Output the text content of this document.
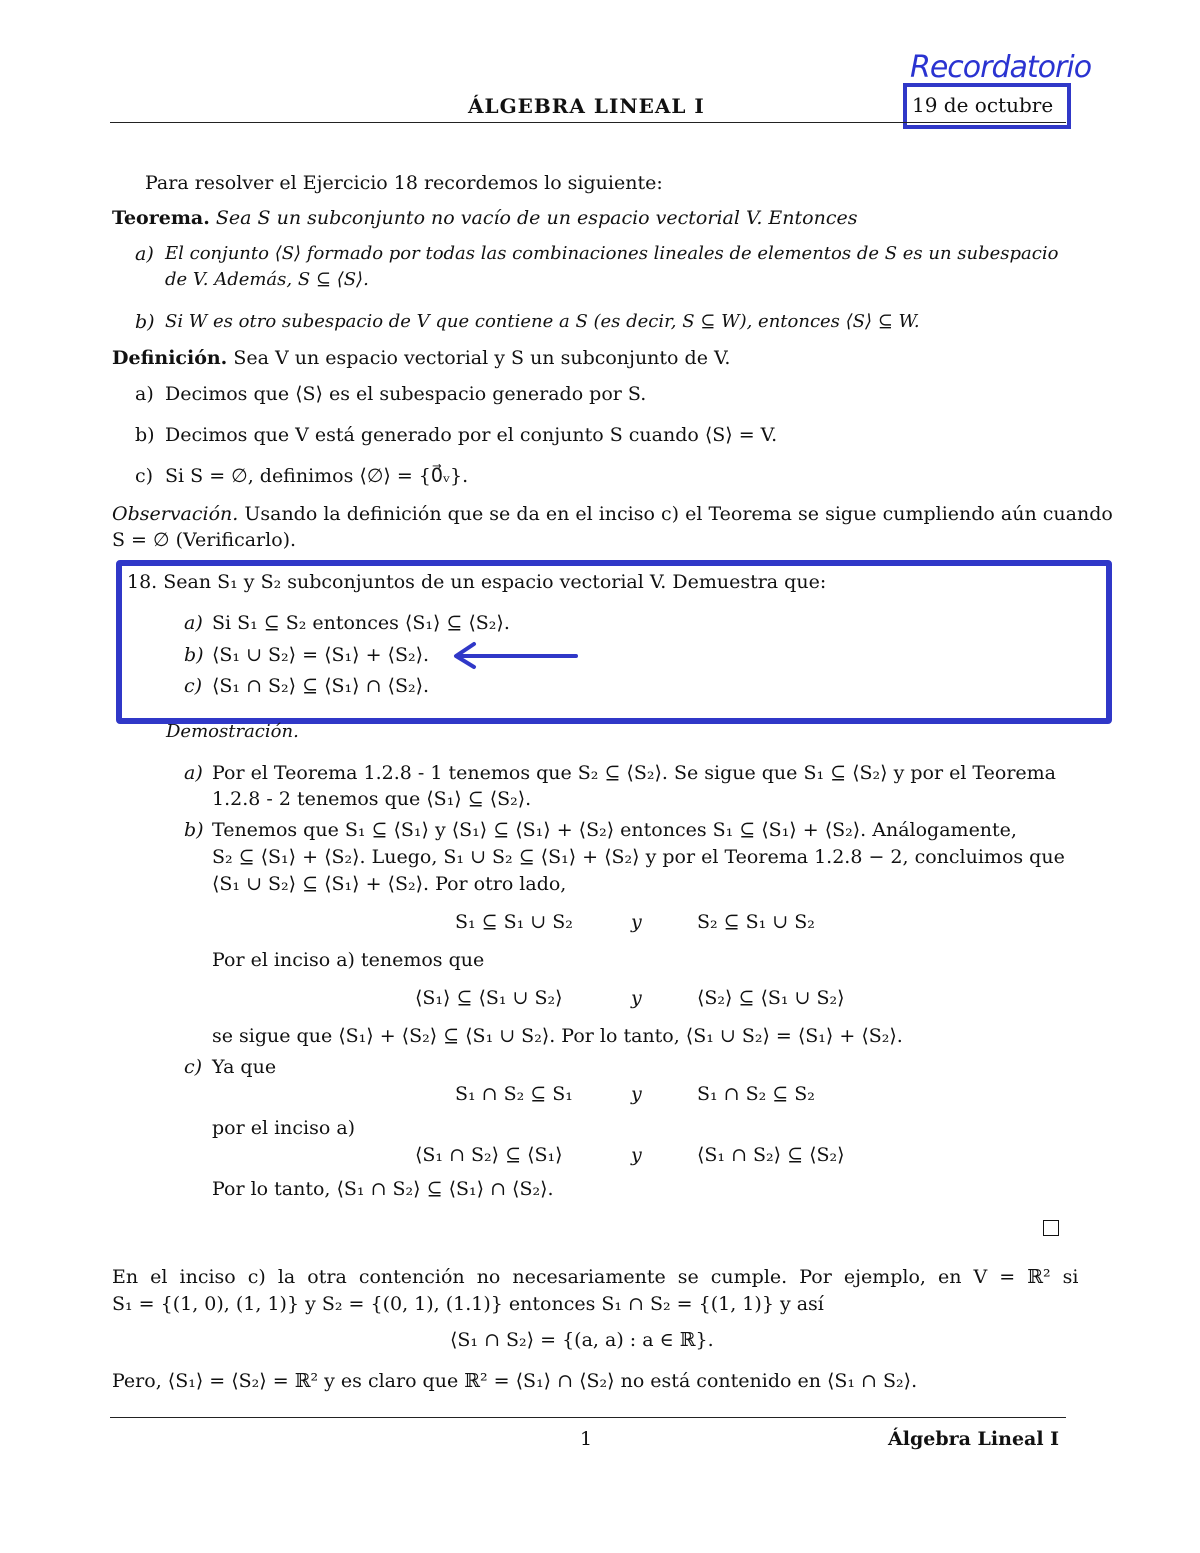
Recordatorio
ÁLGEBRA LINEAL I	19 de octubre
Para resolver el Ejercicio 18 recordemos lo siguiente:
Teorema. Sea S un subconjunto no vacío de un espacio vectorial V. Entonces
a) El conjunto ⟨S⟩ formado por todas las combinaciones lineales de elementos de S es un subespacio
de V. Además, S ⊆ ⟨S⟩.
b) Si W es otro subespacio de V que contiene a S (es decir, S ⊆ W), entonces ⟨S⟩ ⊆ W.
Definición. Sea V un espacio vectorial y S un subconjunto de V.
a) Decimos que ⟨S⟩ es el subespacio generado por S.
b) Decimos que V está generado por el conjunto S cuando ⟨S⟩ = V.
c) Si S = ∅, definimos ⟨∅⟩ = {0⃗ᵥ}.
Observación. Usando la definición que se da en el inciso c) el Teorema se sigue cumpliendo aún cuando
S = ∅ (Verificarlo).
18. Sean S₁ y S₂ subconjuntos de un espacio vectorial V. Demuestra que:
a) Si S₁ ⊆ S₂ entonces ⟨S₁⟩ ⊆ ⟨S₂⟩.
b) ⟨S₁ ∪ S₂⟩ = ⟨S₁⟩ + ⟨S₂⟩.
c) ⟨S₁ ∩ S₂⟩ ⊆ ⟨S₁⟩ ∩ ⟨S₂⟩.
Demostración.
a) Por el Teorema 1.2.8 - 1 tenemos que S₂ ⊆ ⟨S₂⟩. Se sigue que S₁ ⊆ ⟨S₂⟩ y por el Teorema
1.2.8 - 2 tenemos que ⟨S₁⟩ ⊆ ⟨S₂⟩.
b) Tenemos que S₁ ⊆ ⟨S₁⟩ y ⟨S₁⟩ ⊆ ⟨S₁⟩ + ⟨S₂⟩ entonces S₁ ⊆ ⟨S₁⟩ + ⟨S₂⟩. Análogamente,
S₂ ⊆ ⟨S₁⟩ + ⟨S₂⟩. Luego, S₁ ∪ S₂ ⊆ ⟨S₁⟩ + ⟨S₂⟩ y por el Teorema 1.2.8 − 2, concluimos que
⟨S₁ ∪ S₂⟩ ⊆ ⟨S₁⟩ + ⟨S₂⟩. Por otro lado,
S₁ ⊆ S₁ ∪ S₂	y	S₂ ⊆ S₁ ∪ S₂
Por el inciso a) tenemos que
⟨S₁⟩ ⊆ ⟨S₁ ∪ S₂⟩	y	⟨S₂⟩ ⊆ ⟨S₁ ∪ S₂⟩
se sigue que ⟨S₁⟩ + ⟨S₂⟩ ⊆ ⟨S₁ ∪ S₂⟩. Por lo tanto, ⟨S₁ ∪ S₂⟩ = ⟨S₁⟩ + ⟨S₂⟩.
c) Ya que
S₁ ∩ S₂ ⊆ S₁	y	S₁ ∩ S₂ ⊆ S₂
por el inciso a)
⟨S₁ ∩ S₂⟩ ⊆ ⟨S₁⟩	y	⟨S₁ ∩ S₂⟩ ⊆ ⟨S₂⟩
Por lo tanto, ⟨S₁ ∩ S₂⟩ ⊆ ⟨S₁⟩ ∩ ⟨S₂⟩.
En el inciso c) la otra contención no necesariamente se cumple. Por ejemplo, en V = ℝ² si
S₁ = {(1, 0), (1, 1)} y S₂ = {(0, 1), (1.1)} entonces S₁ ∩ S₂ = {(1, 1)} y así
⟨S₁ ∩ S₂⟩ = {(a, a) : a ∈ ℝ}.
Pero, ⟨S₁⟩ = ⟨S₂⟩ = ℝ² y es claro que ℝ² = ⟨S₁⟩ ∩ ⟨S₂⟩ no está contenido en ⟨S₁ ∩ S₂⟩.
1	Álgebra Lineal I
